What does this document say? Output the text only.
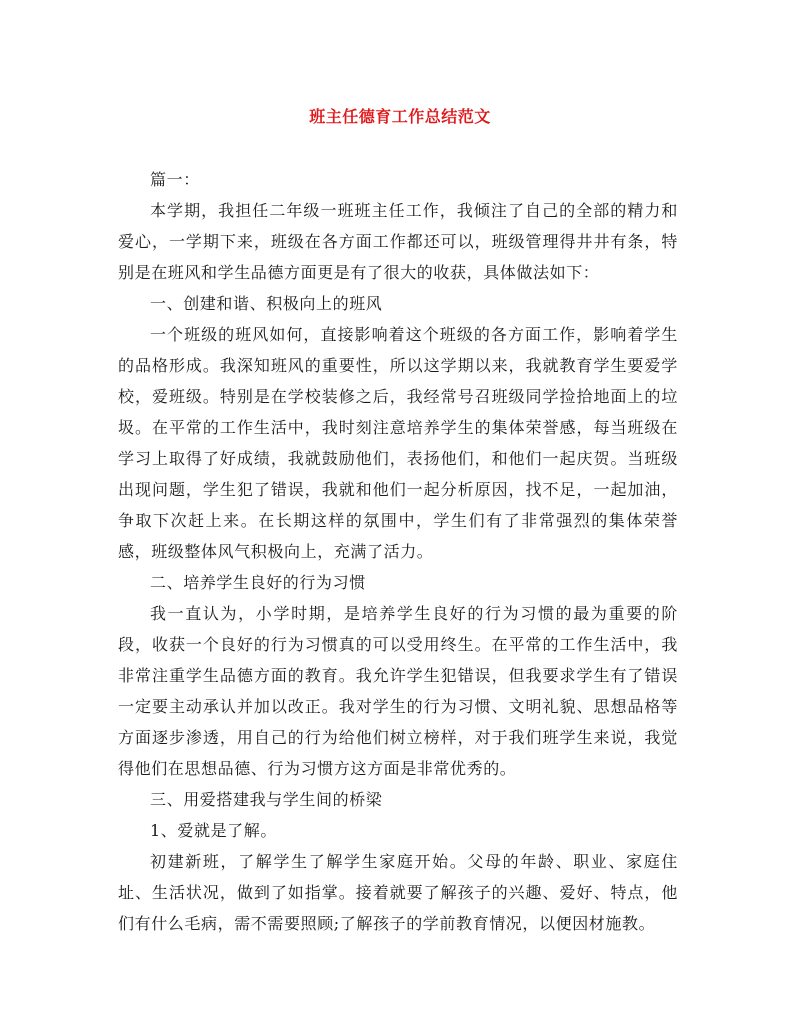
班主任德育工作总结范文

篇一：

本学期，我担任二年级一班班主任工作，我倾注了自己的全部的精力和爱心，一学期下来，班级在各方面工作都还可以，班级管理得井井有条，特别是在班风和学生品德方面更是有了很大的收获，具体做法如下：

一、创建和谐、积极向上的班风

一个班级的班风如何，直接影响着这个班级的各方面工作，影响着学生的品格形成。我深知班风的重要性，所以这学期以来，我就教育学生要爱学校，爱班级。特别是在学校装修之后，我经常号召班级同学捡拾地面上的垃圾。在平常的工作生活中，我时刻注意培养学生的集体荣誉感，每当班级在学习上取得了好成绩，我就鼓励他们，表扬他们，和他们一起庆贺。当班级出现问题，学生犯了错误，我就和他们一起分析原因，找不足，一起加油，争取下次赶上来。在长期这样的氛围中，学生们有了非常强烈的集体荣誉感，班级整体风气积极向上，充满了活力。

二、培养学生良好的行为习惯

我一直认为，小学时期，是培养学生良好的行为习惯的最为重要的阶段，收获一个良好的行为习惯真的可以受用终生。在平常的工作生活中，我非常注重学生品德方面的教育。我允许学生犯错误，但我要求学生有了错误一定要主动承认并加以改正。我对学生的行为习惯、文明礼貌、思想品格等方面逐步渗透，用自己的行为给他们树立榜样，对于我们班学生来说，我觉得他们在思想品德、行为习惯方这方面是非常优秀的。

三、用爱搭建我与学生间的桥梁

1、爱就是了解。

初建新班，了解学生了解学生家庭开始。父母的年龄、职业、家庭住址、生活状况，做到了如指掌。接着就要了解孩子的兴趣、爱好、特点，他们有什么毛病，需不需要照顾;了解孩子的学前教育情况，以便因材施教。
